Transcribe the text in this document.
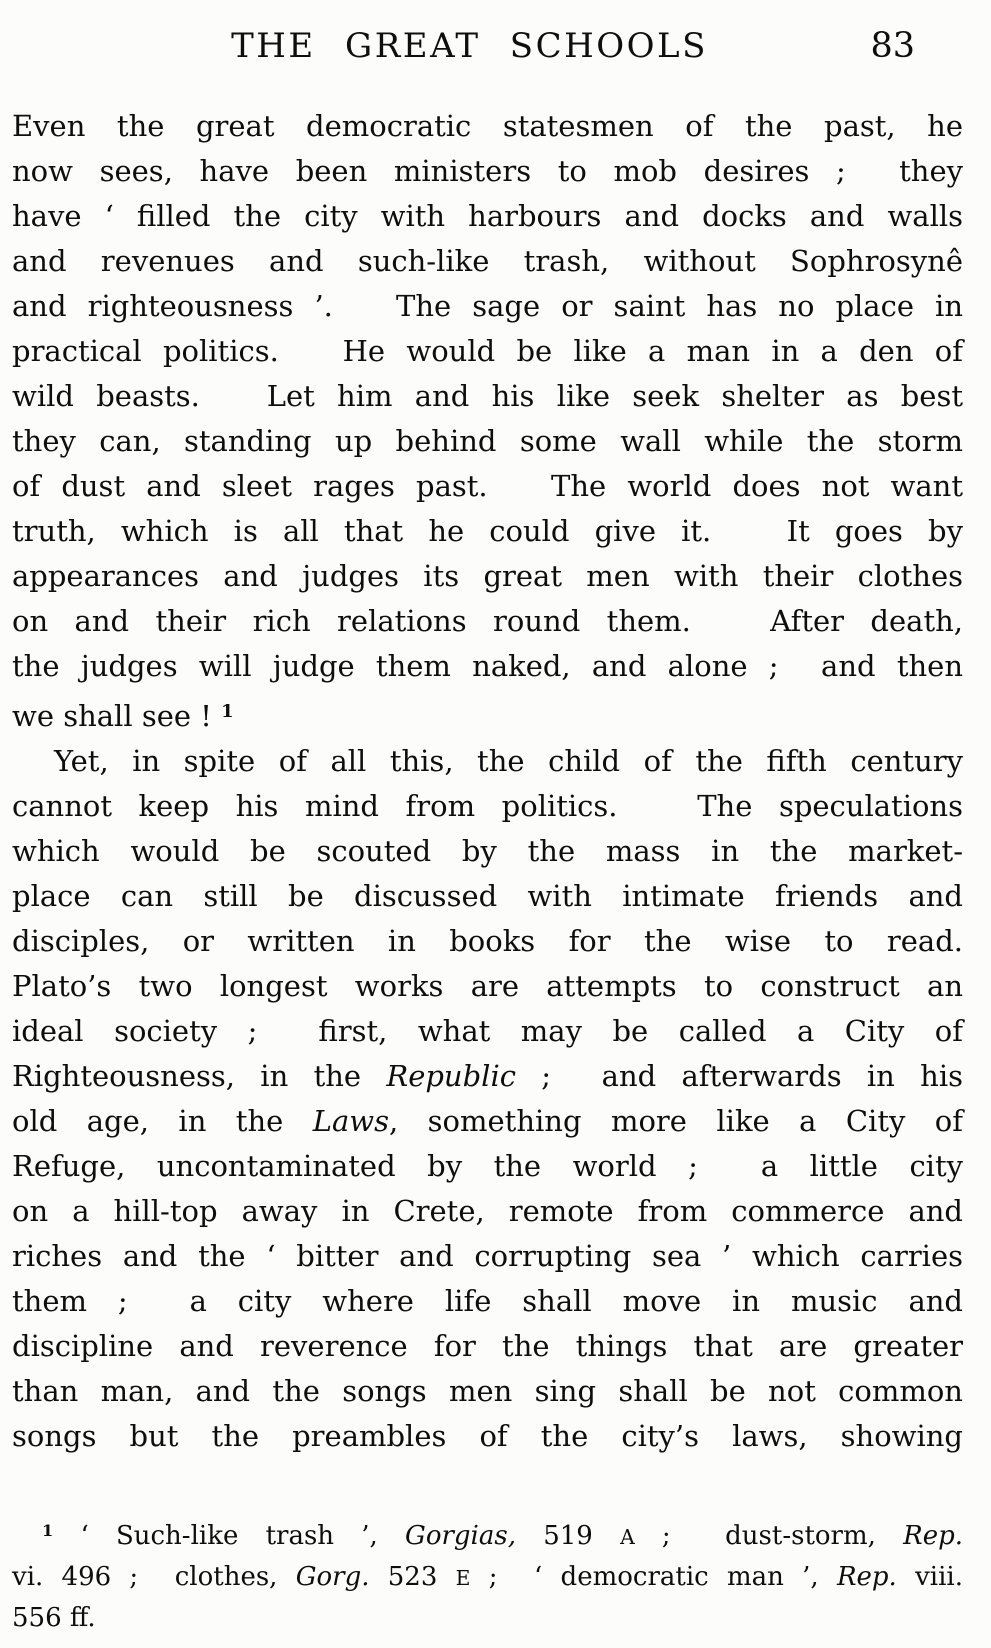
THE GREAT SCHOOLS	83
Even the great democratic statesmen of the past, he
now sees, have been ministers to mob desires ;  they
have ‘ filled the city with harbours and docks and walls
and revenues and such-like trash, without Sophrosynê
and righteousness ’.   The sage or saint has no place in
practical politics.   He would be like a man in a den of
wild beasts.   Let him and his like seek shelter as best
they can, standing up behind some wall while the storm
of dust and sleet rages past.   The world does not want
truth, which is all that he could give it.   It goes by
appearances and judges its great men with their clothes
on and their rich relations round them.   After death,
the judges will judge them naked, and alone ;  and then
we shall see ! $^1$
Yet, in spite of all this, the child of the fifth century
cannot keep his mind from politics.   The speculations
which would be scouted by the mass in the market-
place can still be discussed with intimate friends and
disciples, or written in books for the wise to read.
Plato’s two longest works are attempts to construct an
ideal society ;  first, what may be called a City of
Righteousness, in the Republic ;  and afterwards in his
old age, in the Laws, something more like a City of
Refuge, uncontaminated by the world ;  a little city
on a hill-top away in Crete, remote from commerce and
riches and the ‘ bitter and corrupting sea ’ which carries
them ;  a city where life shall move in music and
discipline and reverence for the things that are greater
than man, and the songs men sing shall be not common
songs but the preambles of the city’s laws, showing
$^1$ ‘ Such-like trash ’, Gorgias, 519 A ;  dust-storm, Rep.
vi. 496 ;  clothes, Gorg. 523 E ;  ‘ democratic man ’, Rep. viii.
556 ff.
